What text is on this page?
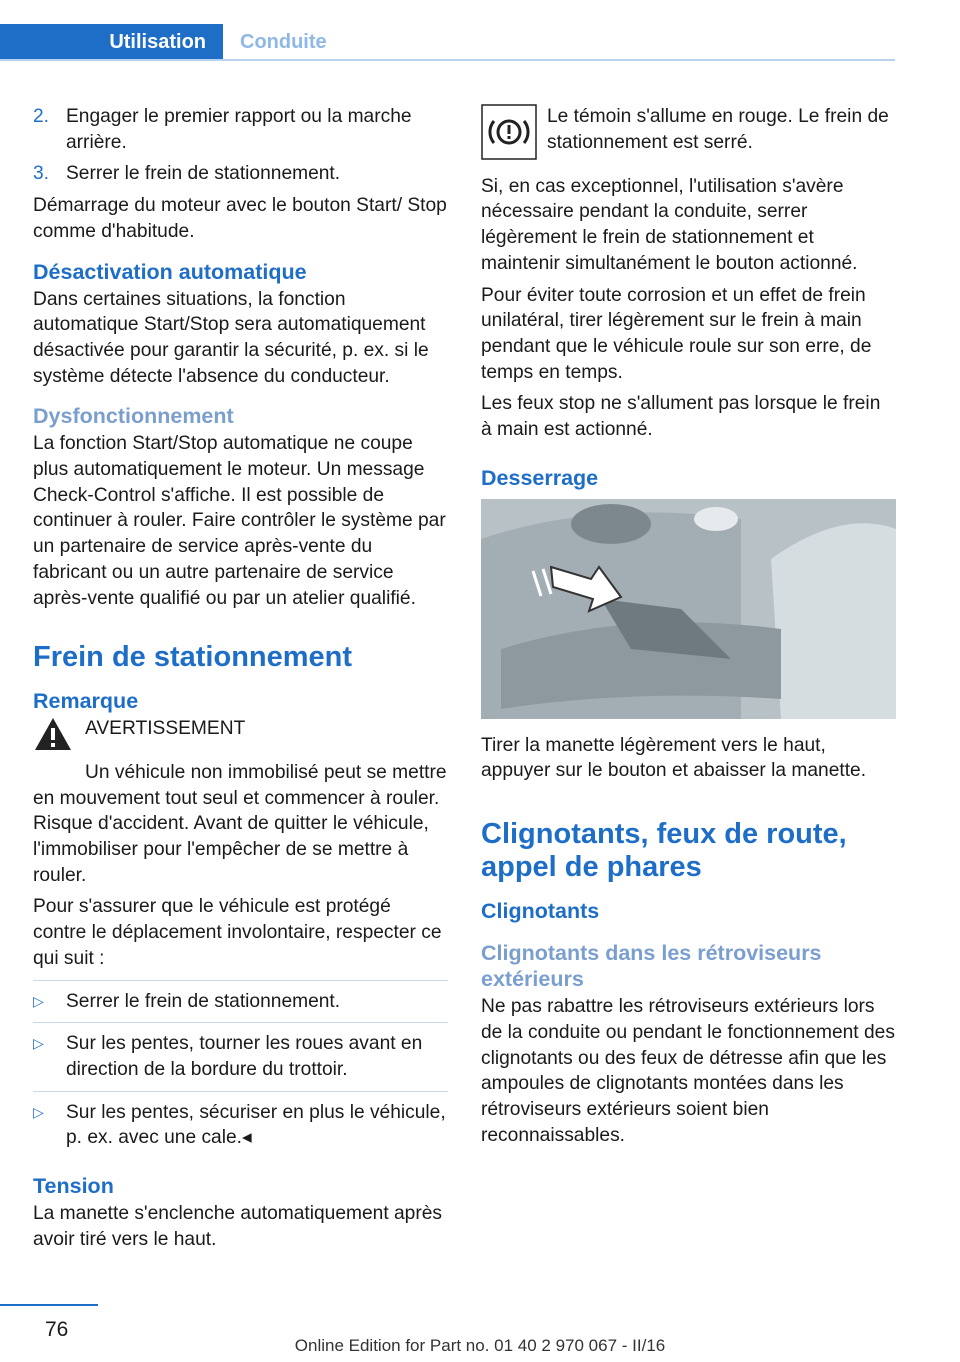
Utilisation	Conduite
2. Engager le premier rapport ou la marche arrière.
3. Serrer le frein de stationnement.

Démarrage du moteur avec le bouton Start/ Stop comme d'habitude.

Désactivation automatique

Dans certaines situations, la fonction automatique Start/Stop sera automatiquement désactivée pour garantir la sécurité, p. ex. si le système détecte l'absence du conducteur.

Dysfonctionnement

La fonction Start/Stop automatique ne coupe plus automatiquement le moteur. Un message Check-Control s'affiche. Il est possible de continuer à rouler. Faire contrôler le système par un partenaire de service après-vente du fabricant ou un autre partenaire de service après-vente qualifié ou par un atelier qualifié.

Frein de stationnement
Remarque
AVERTISSEMENT

Un véhicule non immobilisé peut se mettre en mouvement tout seul et commencer à rouler. Risque d'accident. Avant de quitter le véhicule, l'immobiliser pour l'empêcher de se mettre à rouler.

Pour s'assurer que le véhicule est protégé contre le déplacement involontaire, respecter ce qui suit :

▷	Serrer le frein de stationnement.
▷	Sur les pentes, tourner les roues avant en direction de la bordure du trottoir.
▷	Sur les pentes, sécuriser en plus le véhicule, p. ex. avec une cale.◂
Tension

La manette s'enclenche automatiquement après avoir tiré vers le haut.

Le témoin s'allume en rouge. Le frein de stationnement est serré.

Si, en cas exceptionnel, l'utilisation s'avère nécessaire pendant la conduite, serrer légèrement le frein de stationnement et maintenir simultanément le bouton actionné.

Pour éviter toute corrosion et un effet de frein unilatéral, tirer légèrement sur le frein à main pendant que le véhicule roule sur son erre, de temps en temps.

Les feux stop ne s'allument pas lorsque le frein à main est actionné.

Desserrage

Tirer la manette légèrement vers le haut, appuyer sur le bouton et abaisser la manette.

Clignotants, feux de route, appel de phares
Clignotants
Clignotants dans les rétroviseurs extérieurs

Ne pas rabattre les rétroviseurs extérieurs lors de la conduite ou pendant le fonctionnement des clignotants ou des feux de détresse afin que les ampoules de clignotants montées dans les rétroviseurs extérieurs soient bien reconnaissables.

76
Online Edition for Part no. 01 40 2 970 067 - II/16
